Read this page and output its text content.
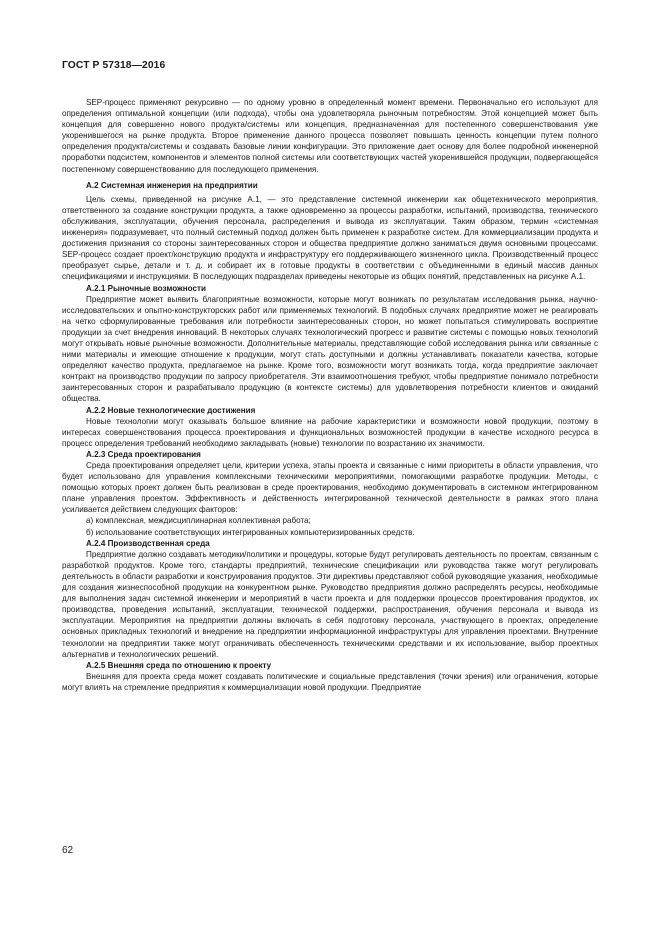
ГОСТ Р 57318—2016

SEP-процесс применяют рекурсивно — по одному уровню в определенный момент времени. Первоначально его используют для определения оптимальной концепции (или подхода), чтобы она удовлетворяла рыночным потребностям. Этой концепцией может быть концепция для совершенно нового продукта/системы или концепция, предназначенная для постепенного совершенствования уже укоренившегося на рынке продукта. Второе применение данного процесса позволяет повышать ценность концепции путем полного определения продукта/системы и создавать базовые линии конфигурации. Это приложение дает основу для более подробной инженерной проработки подсистем, компонентов и элементов полной системы или соответствующих частей укоренившейся продукции, подвергающейся постепенному совершенствованию для последующего применения.

А.2 Системная инженерия на предприятии

Цель схемы, приведенной на рисунке А.1, — это представление системной инженерии как общетехнического мероприятия, ответственного за создание конструкции продукта, а также одновременно за процессы разработки, испытаний, производства, технического обслуживания, эксплуатации, обучения персонала, распределения и вывода из эксплуатации. Таким образом, термин «системная инженерия» подразумевает, что полный системный подход должен быть применен к разработке систем. Для коммерциализации продукта и достижения признания со стороны заинтересованных сторон и общества предприятие должно заниматься двумя основными процессами. SEP-процесс создает проект/конструкцию продукта и инфраструктуру его поддерживающего жизненного цикла. Производственный процесс преобразует сырье, детали и т. д. и собирает их в готовые продукты в соответствии с объединенными в единый массив данных спецификациями и инструкциями. В последующих подразделах приведены некоторые из общих понятий, представленных на рисунке А.1.

А.2.1 Рыночные возможности

Предприятие может выявить благоприятные возможности, которые могут возникать по результатам исследования рынка, научно-исследовательских и опытно-конструкторских работ или применяемых технологий. В подобных случаях предприятие может не реагировать на четко сформулированные требования или потребности заинтересованных сторон, но может попытаться стимулировать восприятие продукции за счет внедрения инноваций. В некоторых случаях технологический прогресс и развитие системы с помощью новых технологий могут открывать новые рыночные возможности. Дополнительные материалы, представляющие собой исследования рынка или связанные с ними материалы и имеющие отношение к продукции, могут стать доступными и должны устанавливать показатели качества, которые определяют качество продукта, предлагаемое на рынке. Кроме того, возможности могут возникать тогда, когда предприятие заключает контракт на производство продукции по запросу приобретателя. Эти взаимоотношения требуют, чтобы предприятие понимало потребности заинтересованных сторон и разрабатывало продукцию (в контексте системы) для удовлетворения потребности клиентов и ожиданий общества.

А.2.2 Новые технологические достижения

Новые технологии могут оказывать большое влияние на рабочие характеристики и возможности новой продукции, поэтому в интересах совершенствования процесса проектирования и функциональных возможностей продукции в качестве исходного ресурса в процесс определения требований необходимо закладывать (новые) технологии по возрастанию их значимости.

А.2.3 Среда проектирования

Среда проектирования определяет цели, критерии успеха, этапы проекта и связанные с ними приоритеты в области управления, что будет использовано для управления комплексными техническими мероприятиями, помогающими разработке продукции. Методы, с помощью которых проект должен быть реализован в среде проектирования, необходимо документировать в системном интегрированном плане управления проектом. Эффективность и действенность интегрированной технической деятельности в рамках этого плана усиливается действием следующих факторов:

а) комплексная, междисциплинарная коллективная работа;
б) использование соответствующих интегрированных компьютеризированных средств.
А.2.4 Производственная среда

Предприятие должно создавать методики/политики и процедуры, которые будут регулировать деятельность по проектам, связанным с разработкой продуктов. Кроме того, стандарты предприятий, технические спецификации или руководства также могут регулировать деятельность в области разработки и конструирования продуктов. Эти директивы представляют собой руководящие указания, необходимые для создания жизнеспособной продукции на конкурентном рынке. Руководство предприятия должно распределять ресурсы, необходимые для выполнения задач системной инженерии и мероприятий в части проекта и для поддержки процессов проектирования продуктов, их производства, проведения испытаний, эксплуатации, технической поддержки, распространения, обучения персонала и вывода из эксплуатации. Мероприятия на предприятии должны включать в себя подготовку персонала, участвующего в проектах, определение основных прикладных технологий и внедрение на предприятии информационной инфраструктуры для управления проектами. Внутренние технологии на предприятии также могут ограничивать обеспеченность техническими средствами и их использование, выбор проектных альтернатив и технологических решений.

А.2.5 Внешняя среда по отношению к проекту

Внешняя для проекта среда может создавать политические и социальные представления (точки зрения) или ограничения, которые могут влиять на стремление предприятия к коммерциализации новой продукции. Предприятие

62
